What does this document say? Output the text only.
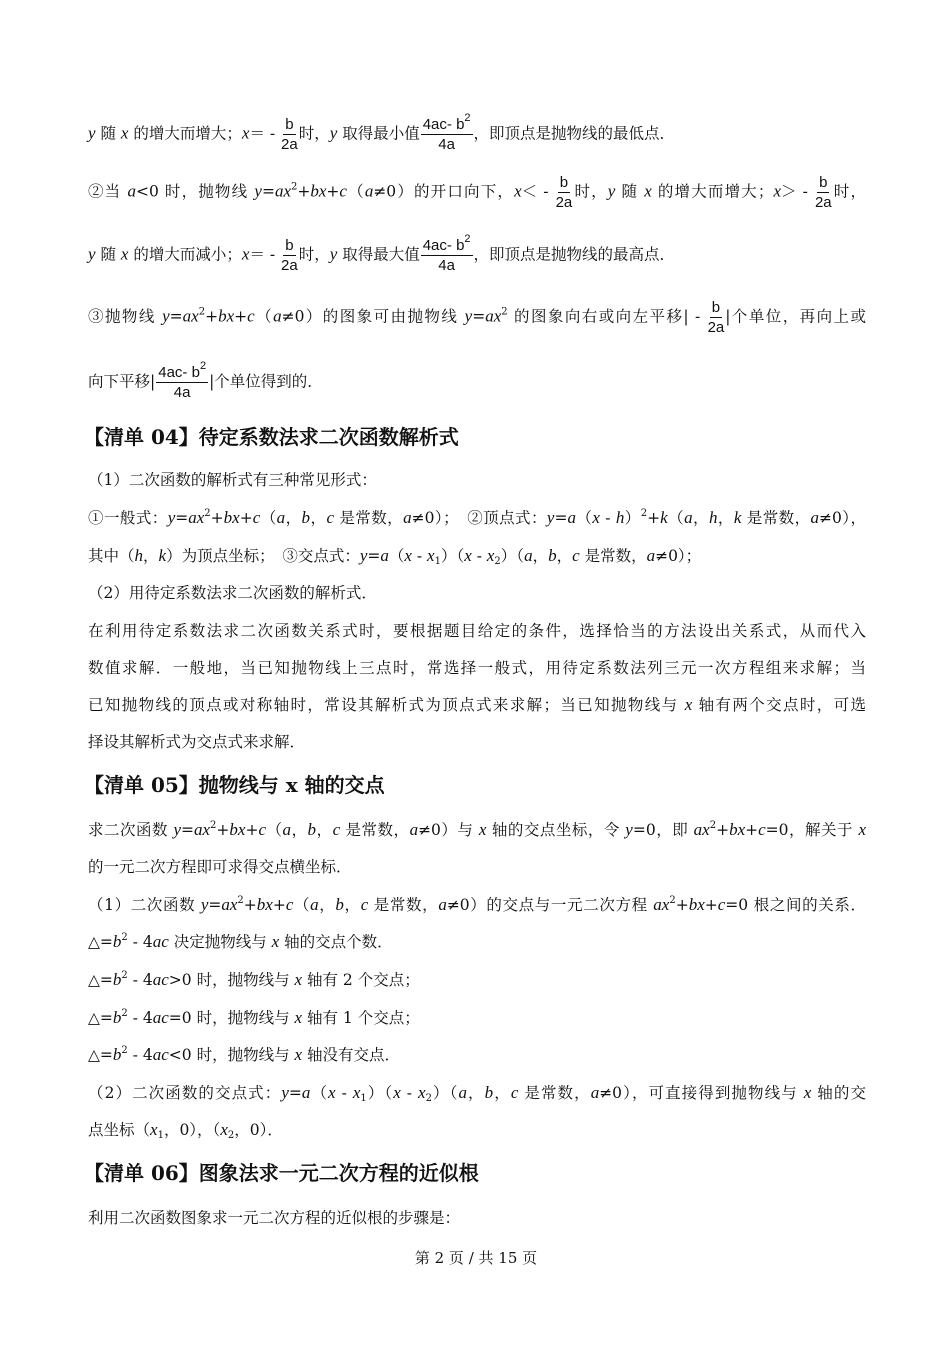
y 随 x 的增大而增大；$x= - \frac{b}{2a}$ 时，y 取得最小值 $\frac{4ac- b^2}{4a}$ ，即顶点是抛物线的最低点．
②当 a<0 时，抛物线 $y=ax^2+bx+c(a\ne 0)$的开口向下，$x< - \frac{b}{2a}$ 时，y 随 x 的增大而增大；$x> - \frac{b}{2a}$ 时，
y 随 x 的增大而减小；$x= - \frac{b}{2a}$ 时，y 取得最大值 $\frac{4ac- b^2}{4a}$ ，即顶点是抛物线的最高点．
③抛物线 $y=ax^2+bx+c(a\ne 0)$的图象可由抛物线 $y=ax^2$ 的图象向右或向左平移| - $\frac{b}{2a}$ |个单位，再向上或
向下平移| $\frac{4ac- b^2}{4a}$ |个单位得到的．
【清单 04】待定系数法求二次函数解析式
（1）二次函数的解析式有三种常见形式：
①一般式：$y=ax^2+bx+c(a$，b，c 是常数，a≠0）；　②顶点式：y=a（x - h）$^2$+k（a，h，k 是常数，a≠0），
其中（h，k）为顶点坐标；　③交点式：$y=a(x - x_1)(x - x_2)(a$，b，c 是常数，a≠0）；
（2）用待定系数法求二次函数的解析式．
在利用待定系数法求二次函数关系式时，要根据题目给定的条件，选择恰当的方法设出关系式，从而代入
数值求解．一般地，当已知抛物线上三点时，常选择一般式，用待定系数法列三元一次方程组来求解；当
已知抛物线的顶点或对称轴时，常设其解析式为顶点式来求解；当已知抛物线与 x 轴有两个交点时，可选
择设其解析式为交点式来求解．
【清单 05】抛物线与 x 轴的交点
求二次函数 $y=ax^2+bx+c(a$，b，c 是常数，a≠0）与 x 轴的交点坐标，令 y=0，即 $ax^2+bx+c=0$，解关于 x
的一元二次方程即可求得交点横坐标．
（1）二次函数 $y=ax^2+bx+c(a$，b，c 是常数，a≠0）的交点与一元二次方程 $ax^2+bx+c=0$ 根之间的关系．
$\triangle=b^2 - 4ac$ 决定抛物线与 x 轴的交点个数．
$\triangle=b^2 - 4ac>0$ 时，抛物线与 x 轴有 2 个交点；
$\triangle=b^2 - 4ac=0$ 时，抛物线与 x 轴有 1 个交点；
$\triangle=b^2 - 4ac<0$ 时，抛物线与 x 轴没有交点．
（2）二次函数的交点式：$y=a(x - x_1)(x - x_2)(a$，b，c 是常数，a≠0），可直接得到抛物线与 x 轴的交
点坐标（$x_1$，0），（$x_2$，0）．
【清单 06】图象法求一元二次方程的近似根
利用二次函数图象求一元二次方程的近似根的步骤是：
第 2 页 / 共 15 页
